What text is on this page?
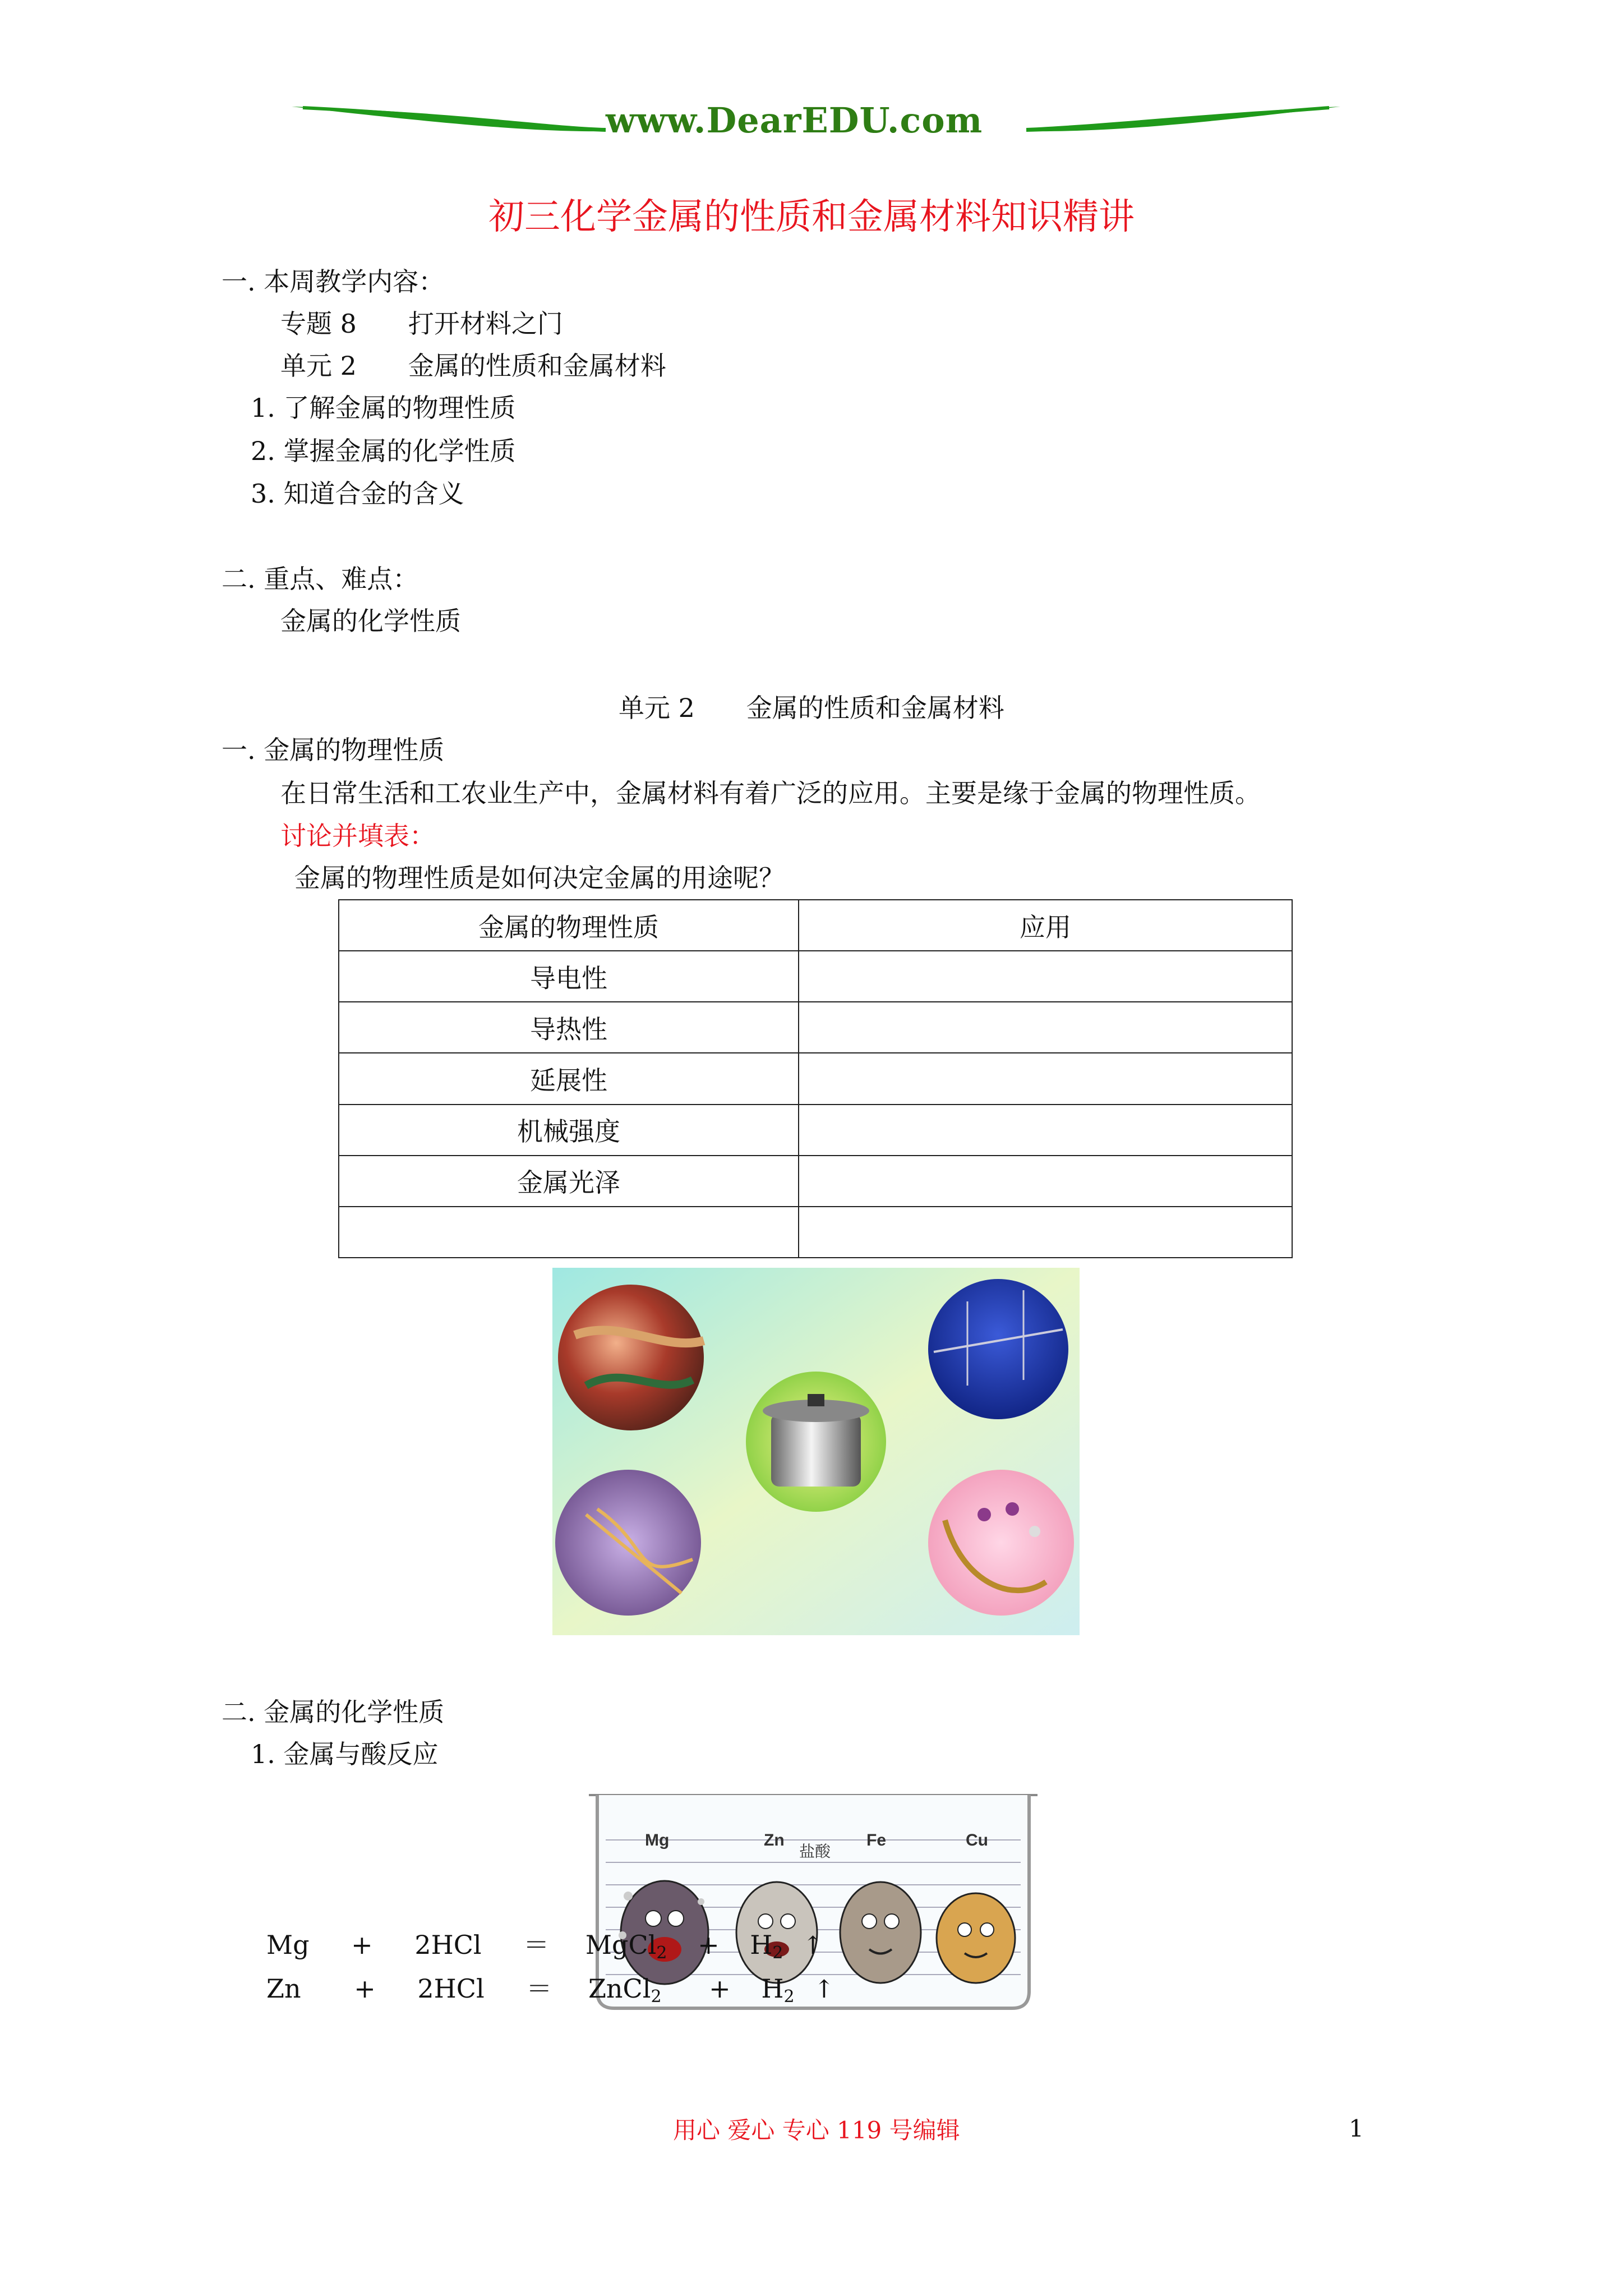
www.DearEDU.com
初三化学金属的性质和金属材料知识精讲
一. 本周教学内容：
专题 8　　打开材料之门
单元 2　　金属的性质和金属材料
1. 了解金属的物理性质
2. 掌握金属的化学性质
3. 知道合金的含义
二. 重点、难点：
金属的化学性质
单元 2　　金属的性质和金属材料
一. 金属的物理性质
在日常生活和工农业生产中，金属材料有着广泛的应用。主要是缘于金属的物理性质。
讨论并填表：
金属的物理性质是如何决定金属的用途呢？
金属的物理性质	应用
导电性	
导热性	
延展性	
机械强度	
金属光泽	

二. 金属的化学性质
1. 金属与酸反应
Mg	Zn
盐酸
Fe	Cu
Mg + 2HCl ＝ MgCl$_2$ + $H_2$ ↑
Zn + 2HCl ＝ ZnCl$_2$ + $H_2$ ↑
用心 爱心 专心 119 号编辑	1
